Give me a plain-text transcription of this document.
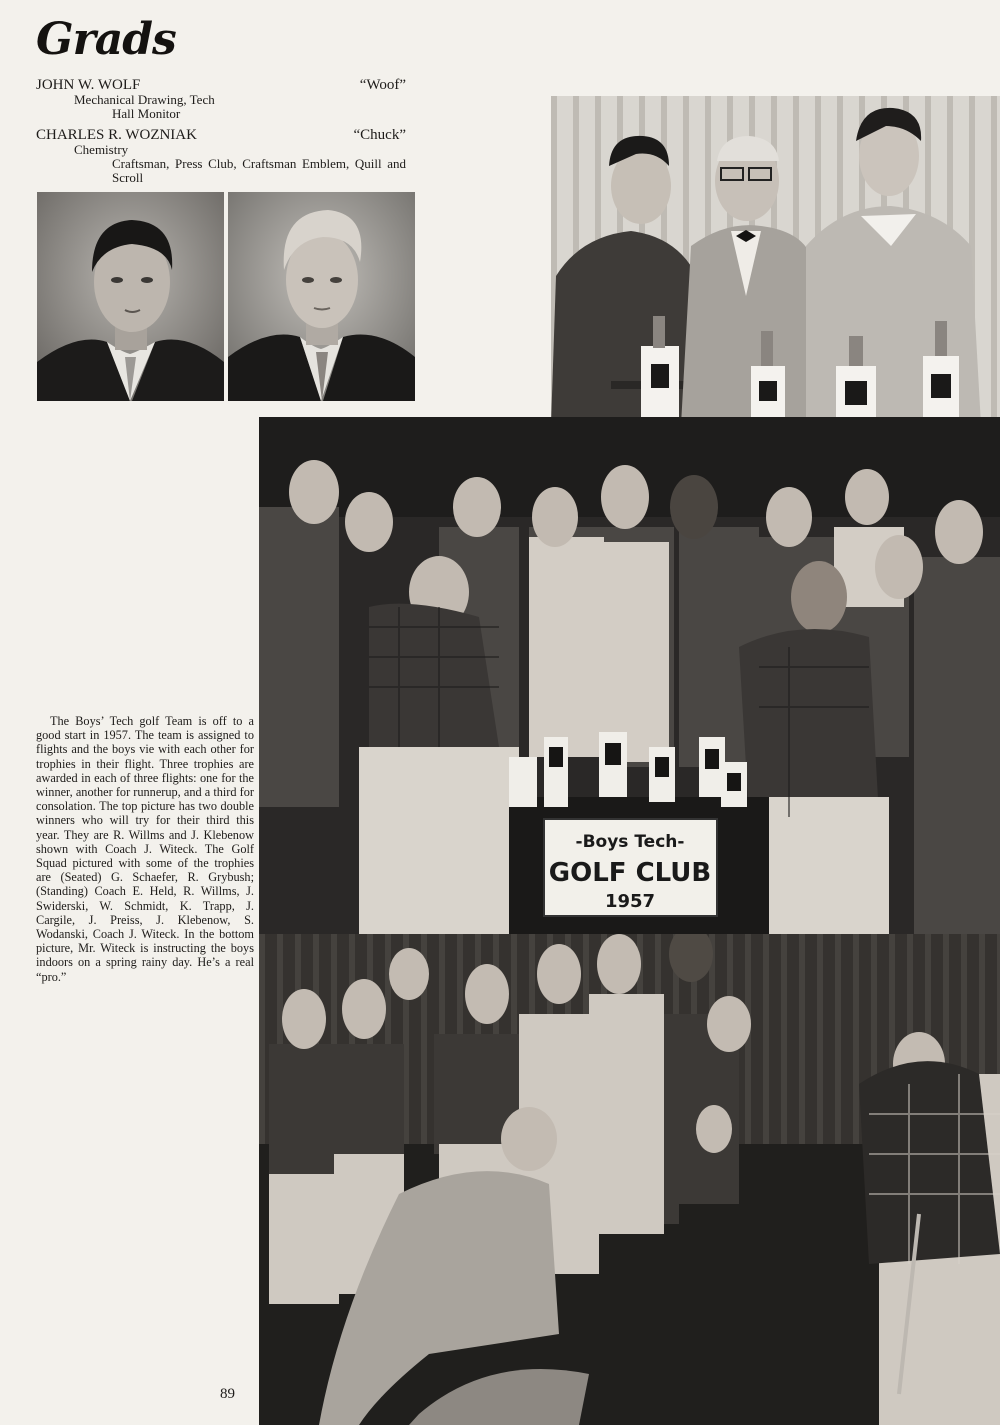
Grads
JOHN W. WOLF	“Woof”
Mechanical Drawing, Tech
Hall Monitor
CHARLES R. WOZNIAK	“Chuck”
Chemistry
Craftsman, Press Club, Craftsman Emblem, Quill and Scroll
-Boys Tech-
GOLF CLUB
1957
The Boys’ Tech golf Team is off to a good start in 1957. The team is assigned to flights and the boys vie with each other for trophies in their flight. Three trophies are awarded in each of three flights: one for the winner, another for runnerup, and a third for consolation. The top picture has two double winners who will try for their third this year. They are R. Willms and J. Klebenow shown with Coach J. Witeck. The Golf Squad pictured with some of the trophies are (Seated) G. Schaefer, R. Grybush; (Standing) Coach E. Held, R. Willms, J. Swiderski, W. Schmidt, K. Trapp, J. Cargile, J. Preiss, J. Klebenow, S. Wodanski, Coach J. Witeck. In the bottom picture, Mr. Witeck is instructing the boys indoors on a spring rainy day. He’s a real “pro.”
89
